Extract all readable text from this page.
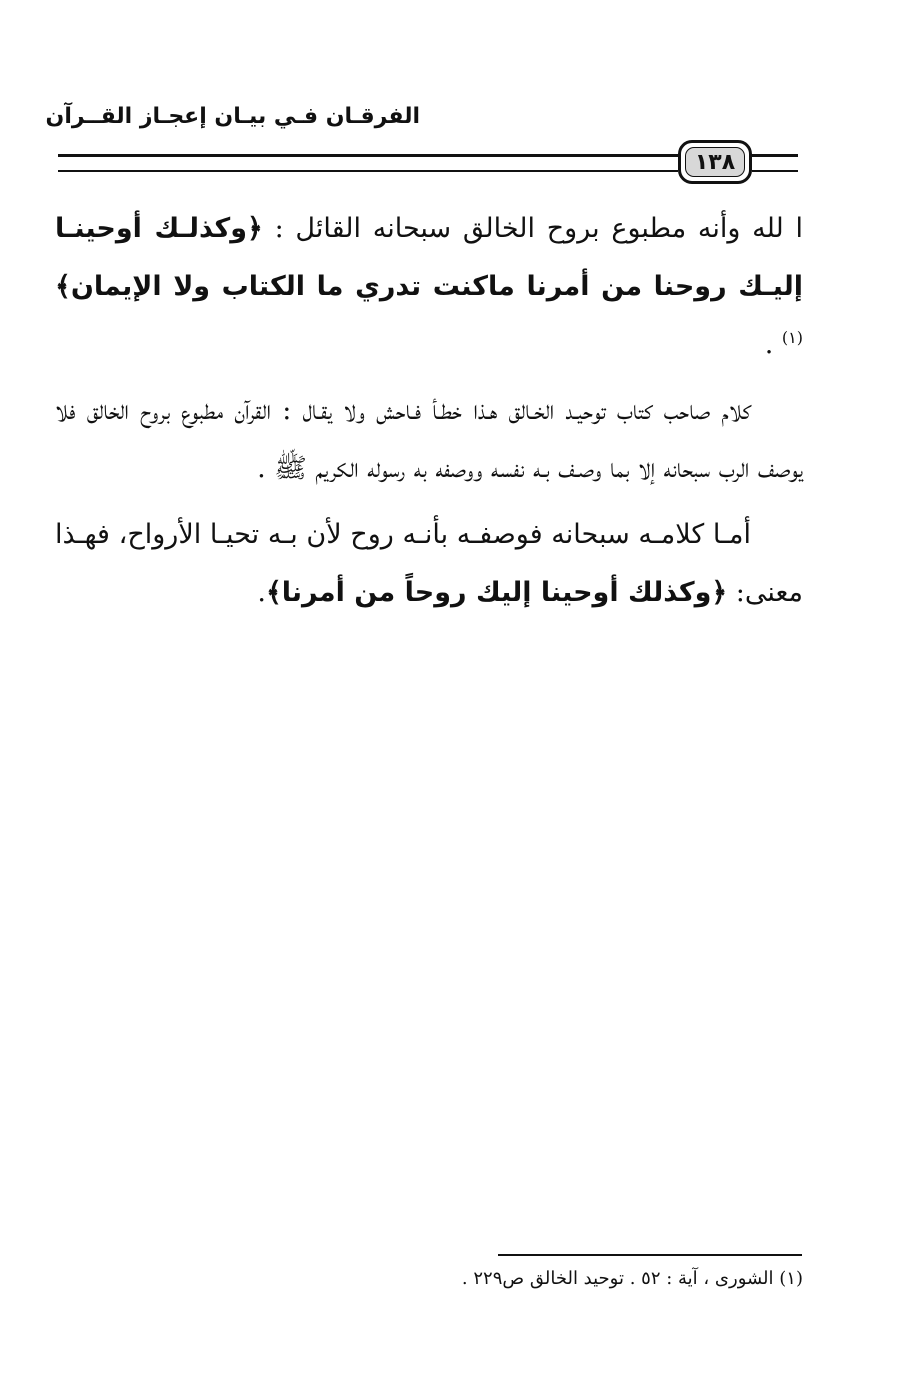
الفرقـان فـي بيـان إعجـاز القــرآن
١٣٨

ا لله وأنه مطبوع بروح الخالق سبحانه القائل : ﴿وكذلـك أوحينـا إليـك روحنا من أمرنا ماكنت تدري ما الكتاب ولا الإيمان﴾$^{(١)}$ .

كلام صاحب كتاب توحيـد الخـالق هـذا خطـأ فـاحش ولا يقـال : القرآن مطبوع بروح الخالق فلا يوصف الرب سبحانه إلا بما وصـف بـه نفسه ووصفه به رسوله الكريم ﷺ .

أمـا كلامـه سبحانه فوصفـه بأنـه روح لأن بـه تحيـا الأرواح، فهـذا معنى: ﴿وكذلك أوحينا إليك روحاً من أمرنا﴾.

(١) الشورى ، آية : ٥٢ . توحيد الخالق ص٢٢٩ .
